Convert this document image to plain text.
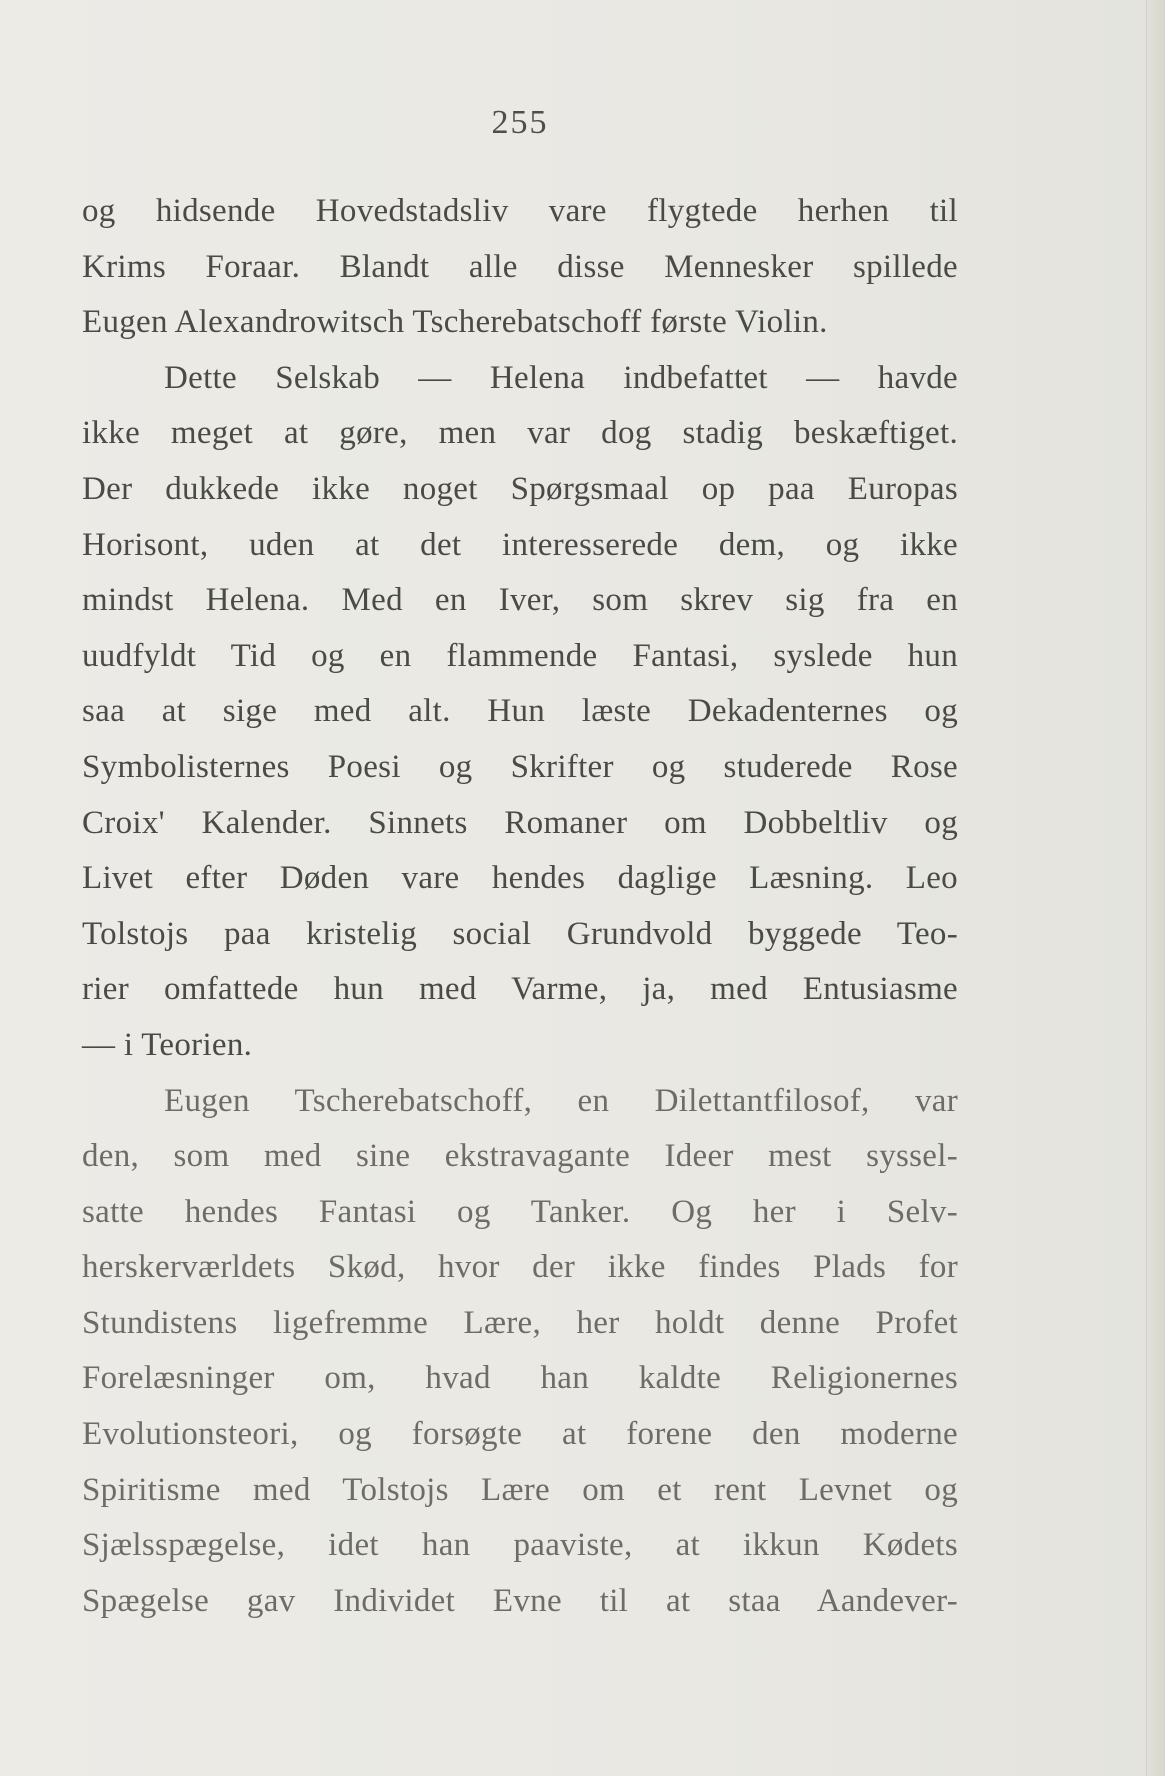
255
og hidsende Hovedstadsliv vare flygtede herhen til
Krims Foraar. Blandt alle disse Mennesker spillede
Eugen Alexandrowitsch Tscherebatschoff første Violin.
Dette Selskab — Helena indbefattet — havde
ikke meget at gøre, men var dog stadig beskæftiget.
Der dukkede ikke noget Spørgsmaal op paa Europas
Horisont, uden at det interesserede dem, og ikke
mindst Helena. Med en Iver, som skrev sig fra en
uudfyldt Tid og en flammende Fantasi, syslede hun
saa at sige med alt. Hun læste Dekadenternes og
Symbolisternes Poesi og Skrifter og studerede Rose
Croix' Kalender. Sinnets Romaner om Dobbeltliv og
Livet efter Døden vare hendes daglige Læsning. Leo
Tolstojs paa kristelig social Grundvold byggede Teo-
rier omfattede hun med Varme, ja, med Entusiasme
— i Teorien.
Eugen Tscherebatschoff, en Dilettantfilosof, var
den, som med sine ekstravagante Ideer mest syssel-
satte hendes Fantasi og Tanker. Og her i Selv-
herskerværldets Skød, hvor der ikke findes Plads for
Stundistens ligefremme Lære, her holdt denne Profet
Forelæsninger om, hvad han kaldte Religionernes
Evolutionsteori, og forsøgte at forene den moderne
Spiritisme med Tolstojs Lære om et rent Levnet og
Sjælsspægelse, idet han paaviste, at ikkun Kødets
Spægelse gav Individet Evne til at staa Aandever-
